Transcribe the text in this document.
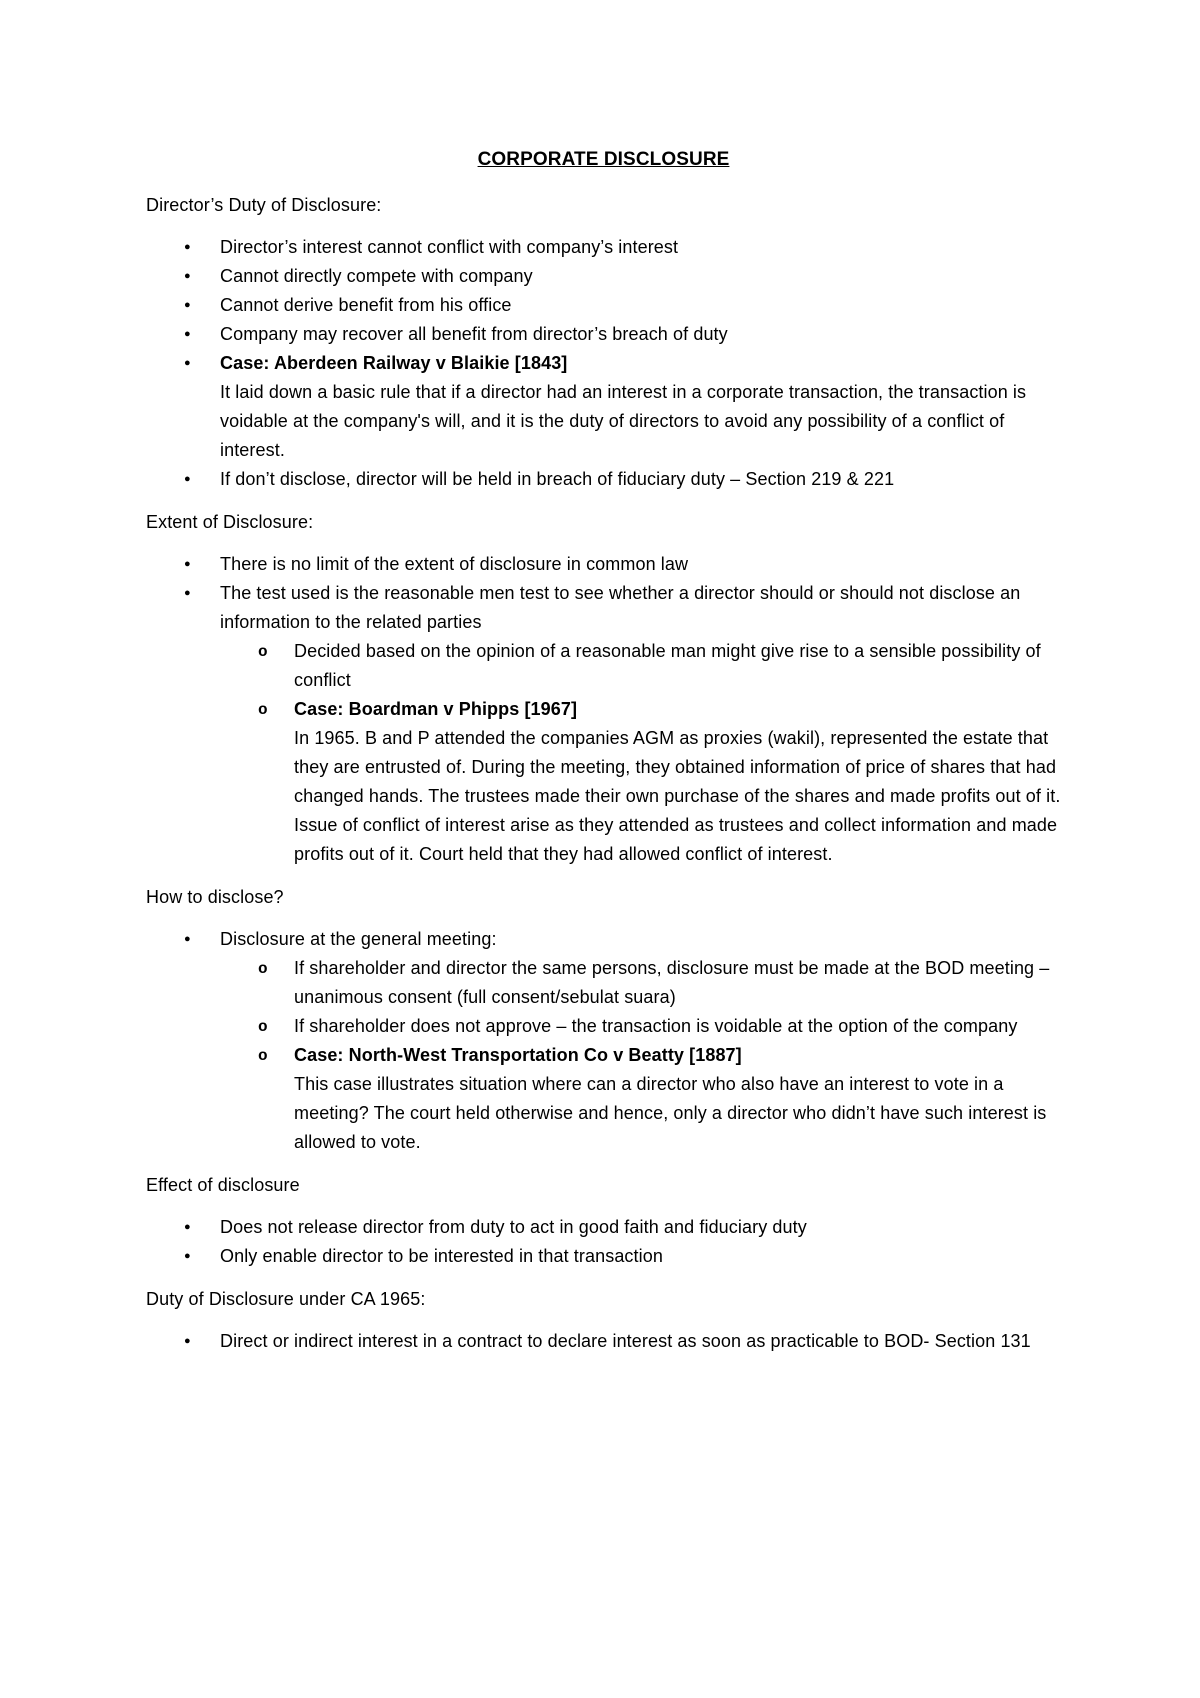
CORPORATE DISCLOSURE
Director’s Duty of Disclosure:
● Director’s interest cannot conflict with company’s interest
● Cannot directly compete with company
● Cannot derive benefit from his office
● Company may recover all benefit from director’s breach of duty
● Case: Aberdeen Railway v Blaikie [1843]
It laid down a basic rule that if a director had an interest in a corporate transaction, the transaction is voidable at the company's will, and it is the duty of directors to avoid any possibility of a conflict of interest.
● If don’t disclose, director will be held in breach of fiduciary duty – Section 219 & 221
Extent of Disclosure:
● There is no limit of the extent of disclosure in common law
● The test used is the reasonable men test to see whether a director should or should not disclose an information to the related parties
o Decided based on the opinion of a reasonable man might give rise to a sensible possibility of conflict
o Case: Boardman v Phipps [1967]
In 1965. B and P attended the companies AGM as proxies (wakil), represented the estate that they are entrusted of. During the meeting, they obtained information of price of shares that had changed hands. The trustees made their own purchase of the shares and made profits out of it. Issue of conflict of interest arise as they attended as trustees and collect information and made profits out of it. Court held that they had allowed conflict of interest.
How to disclose?
● Disclosure at the general meeting:
o If shareholder and director the same persons, disclosure must be made at the BOD meeting – unanimous consent (full consent/sebulat suara)
o If shareholder does not approve – the transaction is voidable at the option of the company
o Case: North-West Transportation Co v Beatty [1887]
This case illustrates situation where can a director who also have an interest to vote in a meeting? The court held otherwise and hence, only a director who didn’t have such interest is allowed to vote.
Effect of disclosure
● Does not release director from duty to act in good faith and fiduciary duty
● Only enable director to be interested in that transaction
Duty of Disclosure under CA 1965:
● Direct or indirect interest in a contract to declare interest as soon as practicable to BOD- Section 131
